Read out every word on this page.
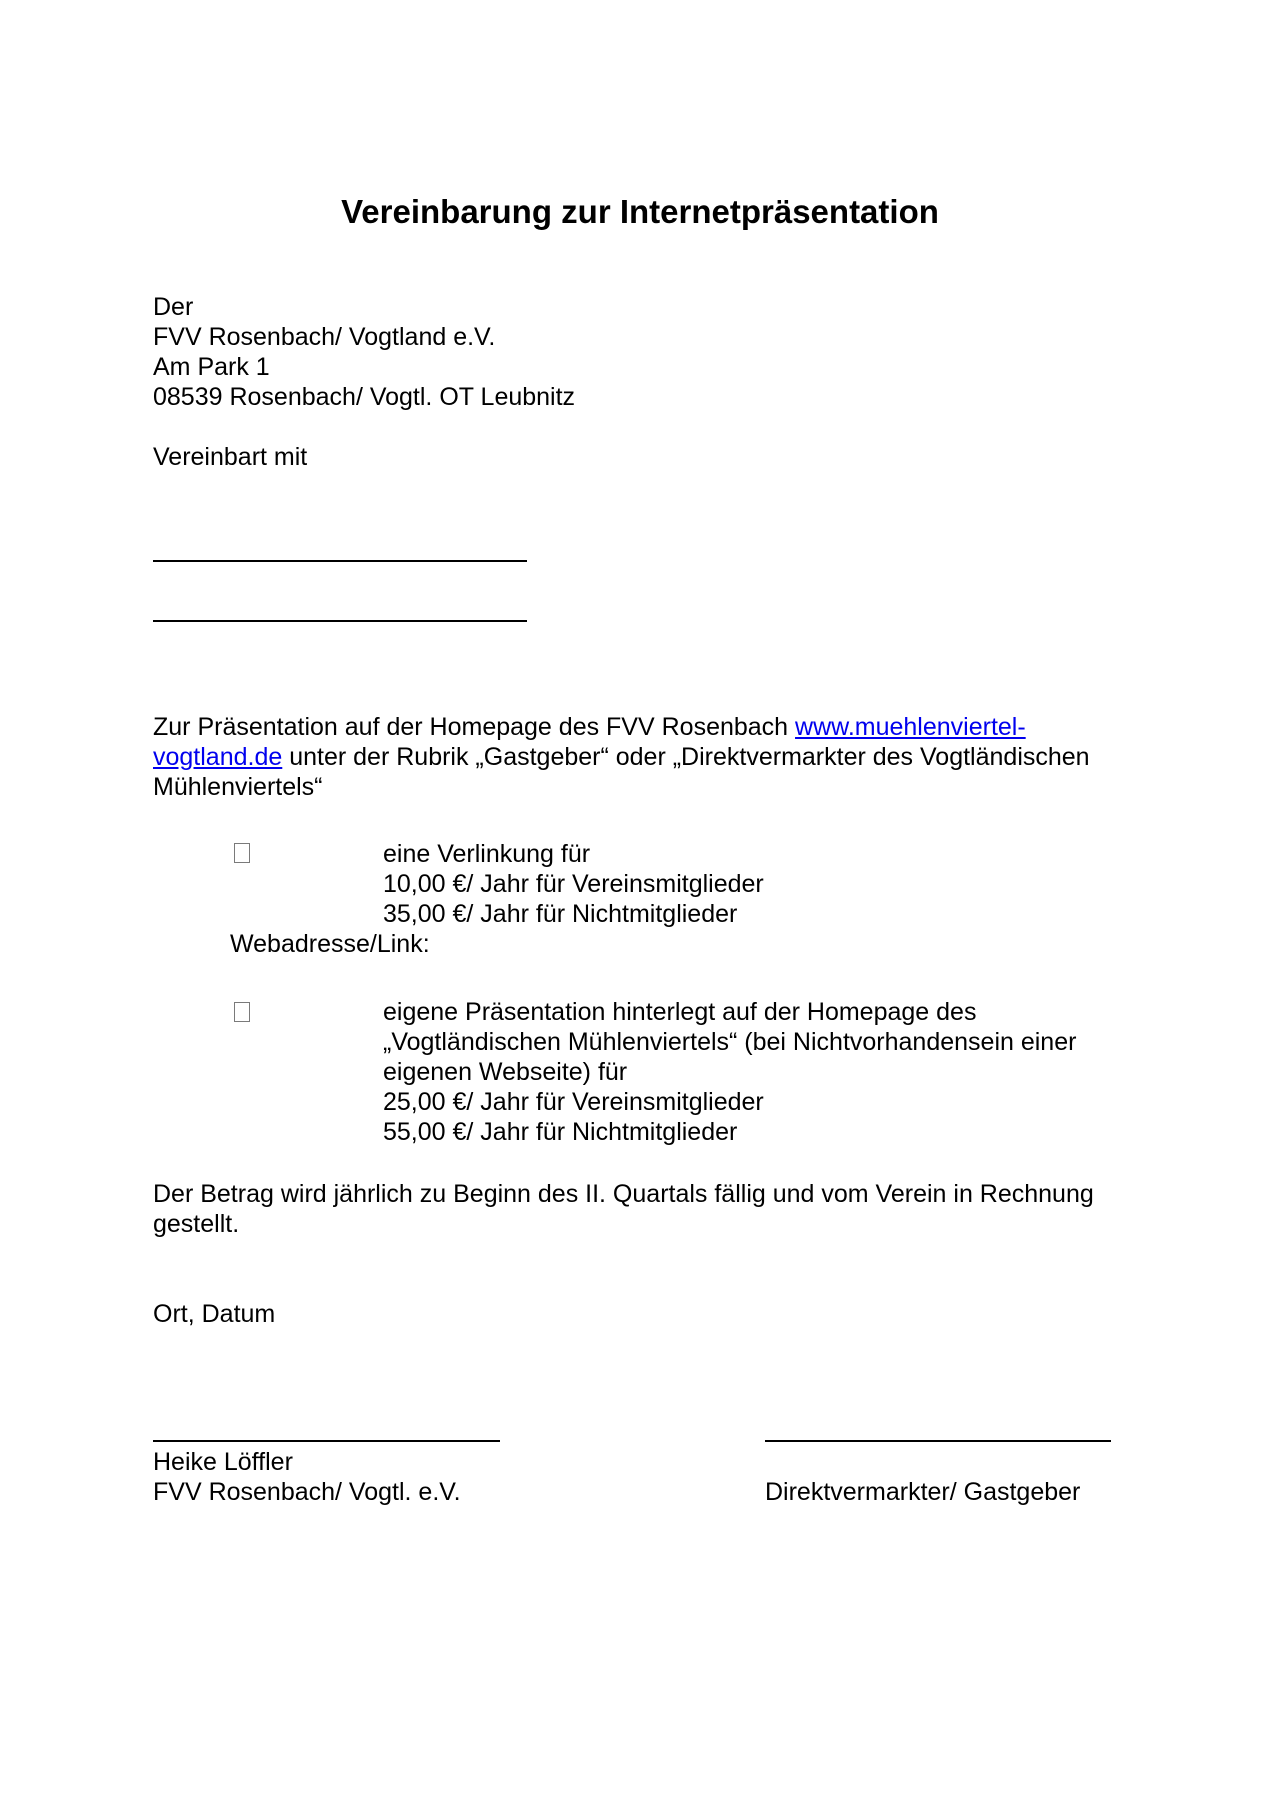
Vereinbarung zur Internetpräsentation
Der
FVV Rosenbach/ Vogtland e.V.
Am Park 1
08539 Rosenbach/ Vogtl. OT Leubnitz
Vereinbart mit
Zur Präsentation auf der Homepage des FVV Rosenbach www.muehlenviertel-
vogtland.de unter der Rubrik „Gastgeber“ oder „Direktvermarkter des Vogtländischen
Mühlenviertels“
eine Verlinkung für
10,00 €/ Jahr für Vereinsmitglieder
35,00 €/ Jahr für Nichtmitglieder
Webadresse/Link:
eigene Präsentation hinterlegt auf der Homepage des
„Vogtländischen Mühlenviertels“ (bei Nichtvorhandensein einer
eigenen Webseite) für
25,00 €/ Jahr für Vereinsmitglieder
55,00 €/ Jahr für Nichtmitglieder
Der Betrag wird jährlich zu Beginn des II. Quartals fällig und vom Verein in Rechnung
gestellt.
Ort, Datum
Heike Löffler
FVV Rosenbach/ Vogtl. e.V.	Direktvermarkter/ Gastgeber
